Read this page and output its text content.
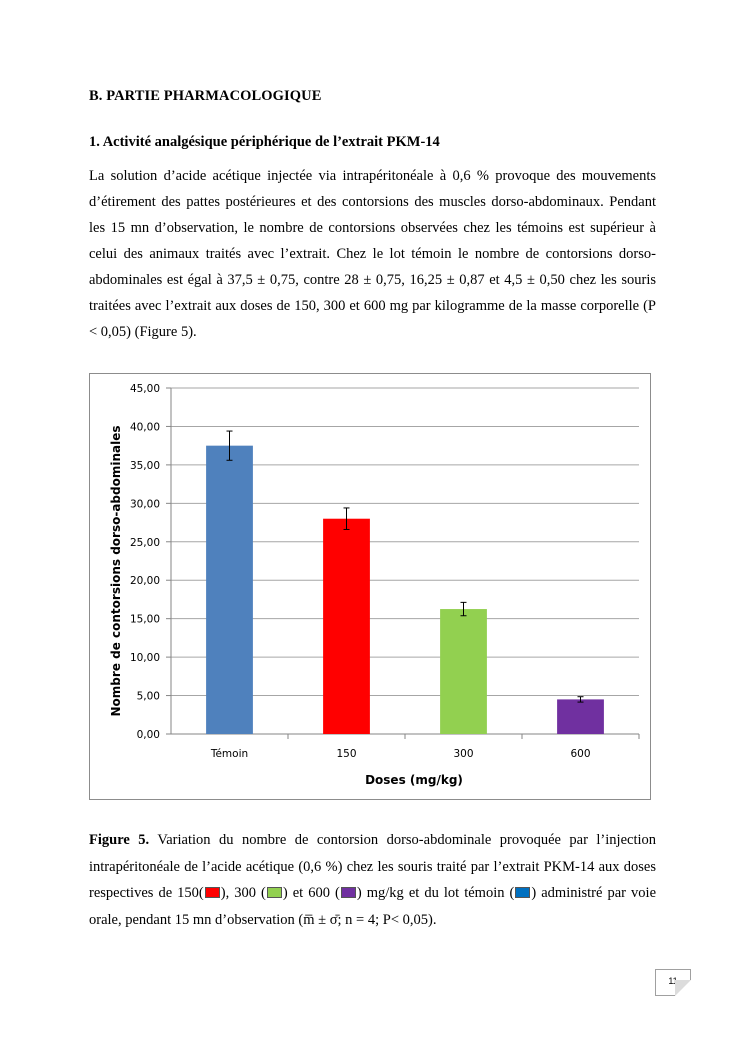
B. PARTIE PHARMACOLOGIQUE
1. Activité analgésique périphérique de l’extrait PKM-14

La solution d’acide acétique injectée via intrapéritonéale à 0,6 % provoque des mouvements d’étirement des pattes postérieures et des contorsions des muscles dorso-abdominaux. Pendant les 15 mn d’observation, le nombre de contorsions observées chez les témoins est supérieur à celui des animaux traités avec l’extrait. Chez le lot témoin le nombre de contorsions dorso-abdominales est égal à 37,5 ± 0,75, contre 28 ± 0,75, 16,25 ± 0,87 et 4,5 ± 0,50 chez les souris traitées avec l’extrait aux doses de 150, 300 et 600 mg par kilogramme de la masse corporelle (P < 0,05) (Figure 5).

0,00
5,00
10,00
15,00
20,00
25,00
30,00
35,00
40,00
45,00
Témoin	150	300	600
Doses (mg/kg)
Nombre de contorsions dorso-abdominales

Figure 5. Variation du nombre de contorsion dorso-abdominale provoquée par l’injection intrapéritonéale de l’acide acétique (0,6 %) chez les souris traité par l’extrait PKM-14 aux doses respectives de 150( ), 300 ( ) et 600 ( ) mg/kg et du lot témoin ( ) administré par voie orale, pendant 15 mn d’observation (m̅ ± σ̄; n = 4; P< 0,05).

11
